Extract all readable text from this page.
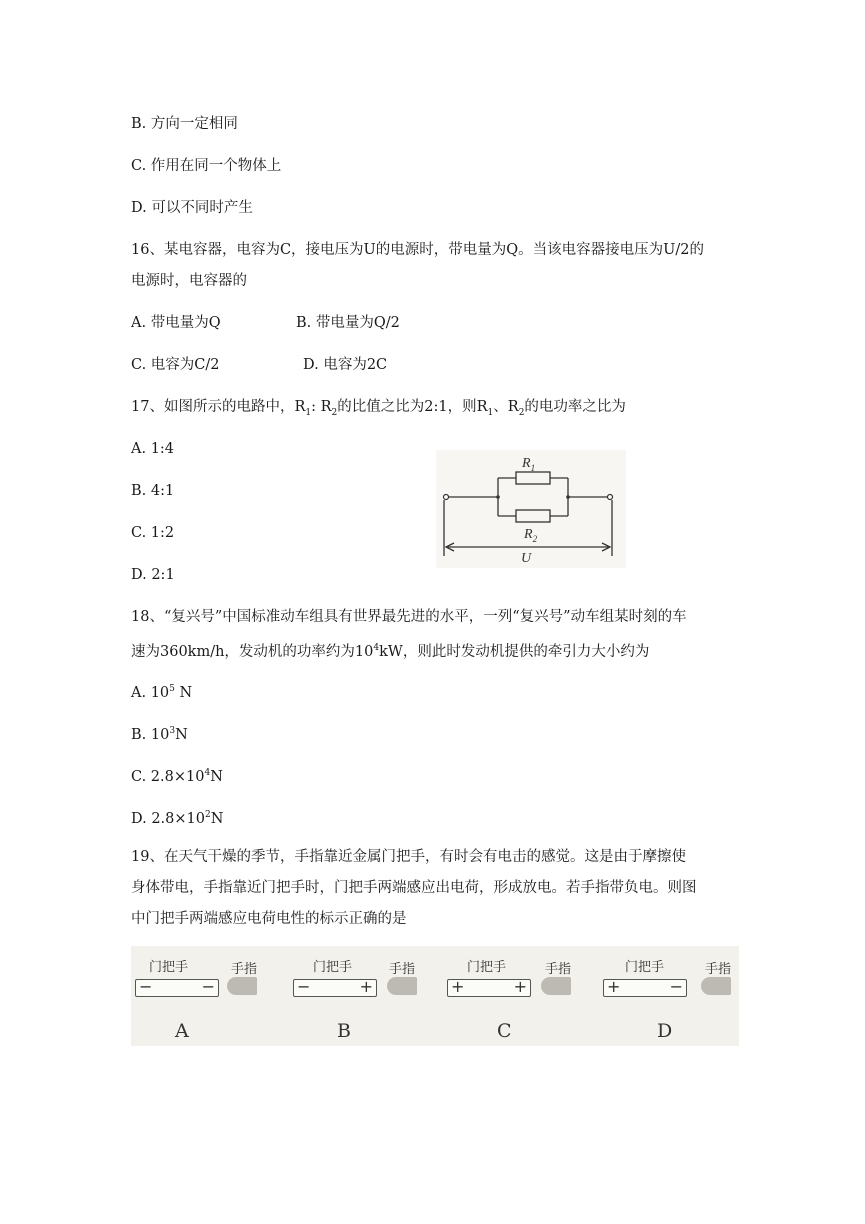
B. 方向一定相同
C. 作用在同一个物体上
D. 可以不同时产生
16、某电容器，电容为C，接电压为U的电源时，带电量为Q。当该电容器接电压为U/2的
电源时，电容器的
A. 带电量为Q	B. 带电量为Q/2
C. 电容为C/2	D. 电容为2C
17、如图所示的电路中，$R_1$: $R_2$的比值之比为2:1，则$R_1$、$R_2$的电功率之比为
A. 1:4
B. 4:1
C. 1:2
D. 2:1
$R_1$
$R_2$
U
18、“复兴号”中国标准动车组具有世界最先进的水平，一列“复兴号”动车组某时刻的车
速为360km/h，发动机的功率约为$10^4kW$，则此时发动机提供的牵引力大小约为
A. $10^5$ N
B. $10^3N$
C. $2.8\times 10^4N$
D. $2.8\times 10^2N$
19、在天气干燥的季节，手指靠近金属门把手，有时会有电击的感觉。这是由于摩擦使
身体带电，手指靠近门把手时，门把手两端感应出电荷，形成放电。若手指带负电。则图
中门把手两端感应电荷电性的标示正确的是
门把手	手指
−	−
A
门把手	手指
−	+
B
门把手	手指
+	+
C
门把手	手指
+	−
D
